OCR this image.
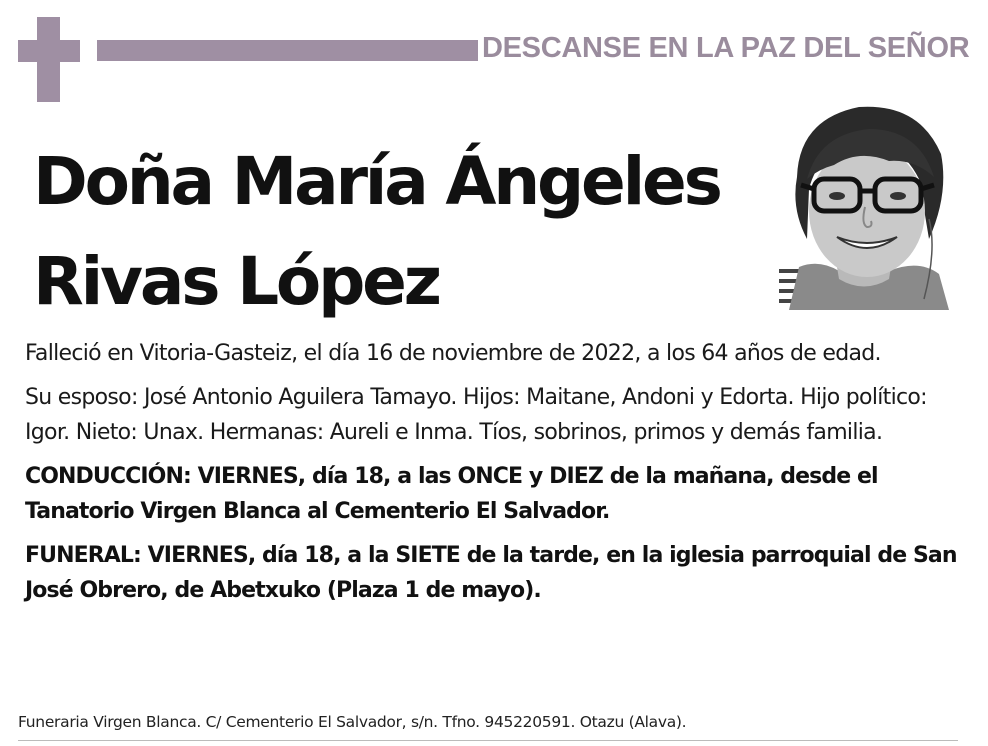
DESCANSE EN LA PAZ DEL SEÑOR
Doña María Ángeles
Rivas López

Falleció en Vitoria-Gasteiz, el día 16 de noviembre de 2022, a los 64 años de edad.

Su esposo: José Antonio Aguilera Tamayo. Hijos: Maitane, Andoni y Edorta. Hijo político: Igor. Nieto: Unax. Hermanas: Aureli e Inma. Tíos, sobrinos, primos y demás familia.

CONDUCCIÓN: VIERNES, día 18, a las ONCE y DIEZ de la mañana, desde el Tanatorio Virgen Blanca al Cementerio El Salvador.

FUNERAL: VIERNES, día 18, a la SIETE de la tarde, en la iglesia parroquial de San José Obrero, de Abetxuko (Plaza 1 de mayo).

Funeraria Virgen Blanca. C/ Cementerio El Salvador, s/n. Tfno. 945220591. Otazu (Alava).
